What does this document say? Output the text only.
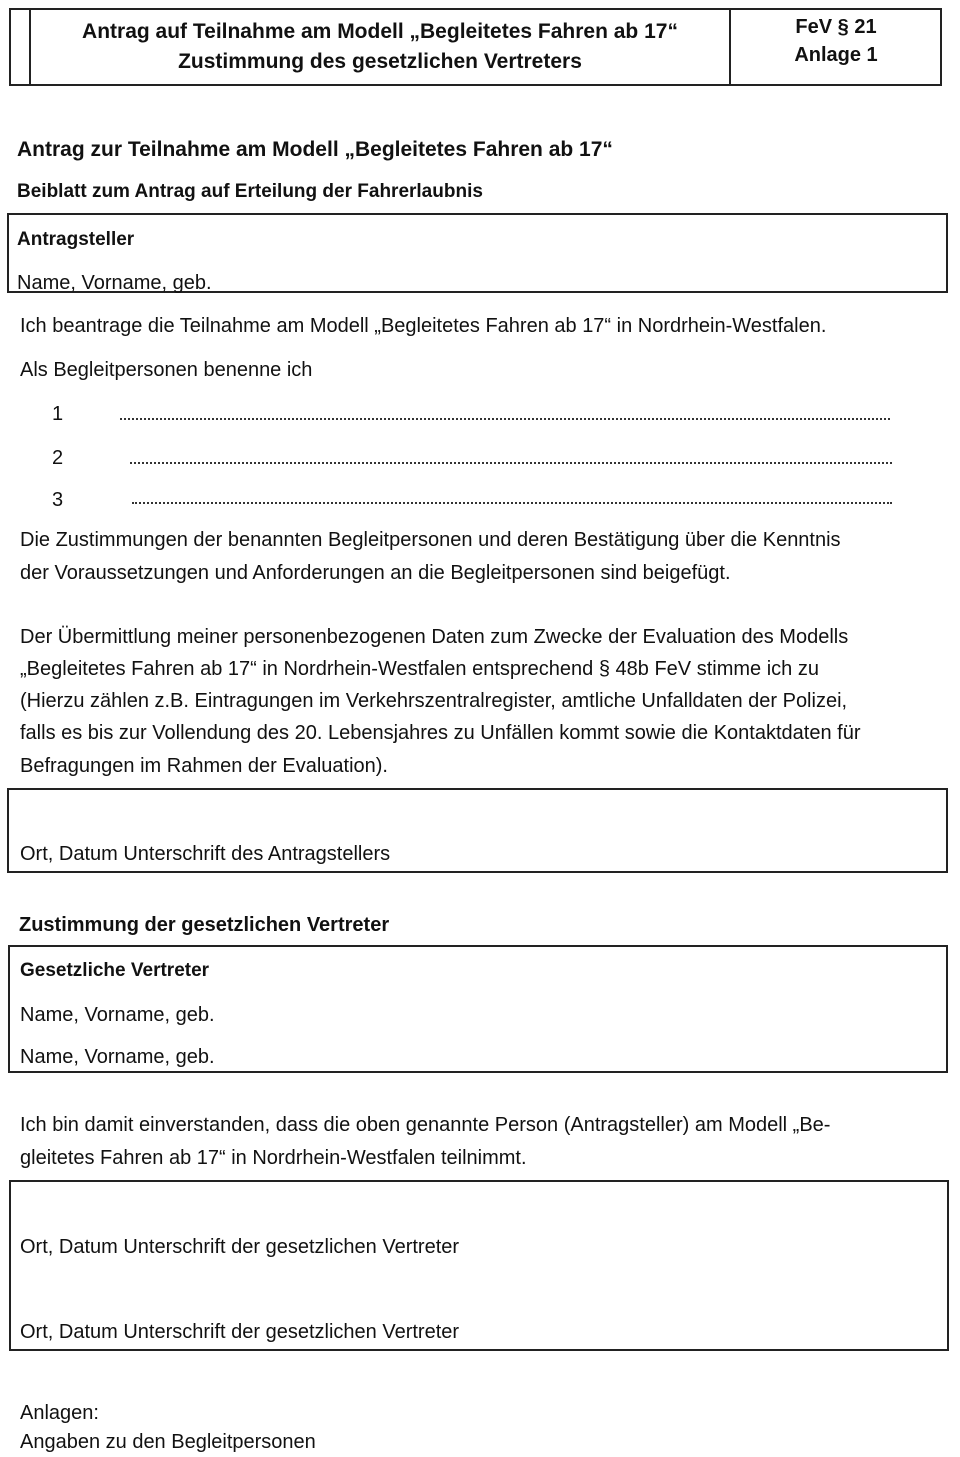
Antrag auf Teilnahme am Modell „Begleitetes Fahren ab 17“
Zustimmung des gesetzlichen Vertreters
FeV § 21
Anlage 1
Antrag zur Teilnahme am Modell „Begleitetes Fahren ab 17“
Beiblatt zum Antrag auf Erteilung der Fahrerlaubnis
Antragsteller
Name, Vorname, geb.
Ich beantrage die Teilnahme am Modell „Begleitetes Fahren ab 17“ in Nordrhein-Westfalen.
Als Begleitpersonen benenne ich
1
2
3
Die Zustimmungen der benannten Begleitpersonen und deren Bestätigung über die Kenntnis
der Voraussetzungen und Anforderungen an die Begleitpersonen sind beigefügt.
Der Übermittlung meiner personenbezogenen Daten zum Zwecke der Evaluation des Modells
„Begleitetes Fahren ab 17“ in Nordrhein-Westfalen entsprechend § 48b FeV stimme ich zu
(Hierzu zählen z.B. Eintragungen im Verkehrszentralregister, amtliche Unfalldaten der Polizei,
falls es bis zur Vollendung des 20. Lebensjahres zu Unfällen kommt sowie die Kontaktdaten für
Befragungen im Rahmen der Evaluation).
Ort, Datum Unterschrift des Antragstellers
Zustimmung der gesetzlichen Vertreter
Gesetzliche Vertreter
Name, Vorname, geb.
Name, Vorname, geb.
Ich bin damit einverstanden, dass die oben genannte Person (Antragsteller) am Modell „Be-
gleitetes Fahren ab 17“ in Nordrhein-Westfalen teilnimmt.
Ort, Datum Unterschrift der gesetzlichen Vertreter
Ort, Datum Unterschrift der gesetzlichen Vertreter
Anlagen:
Angaben zu den Begleitpersonen
